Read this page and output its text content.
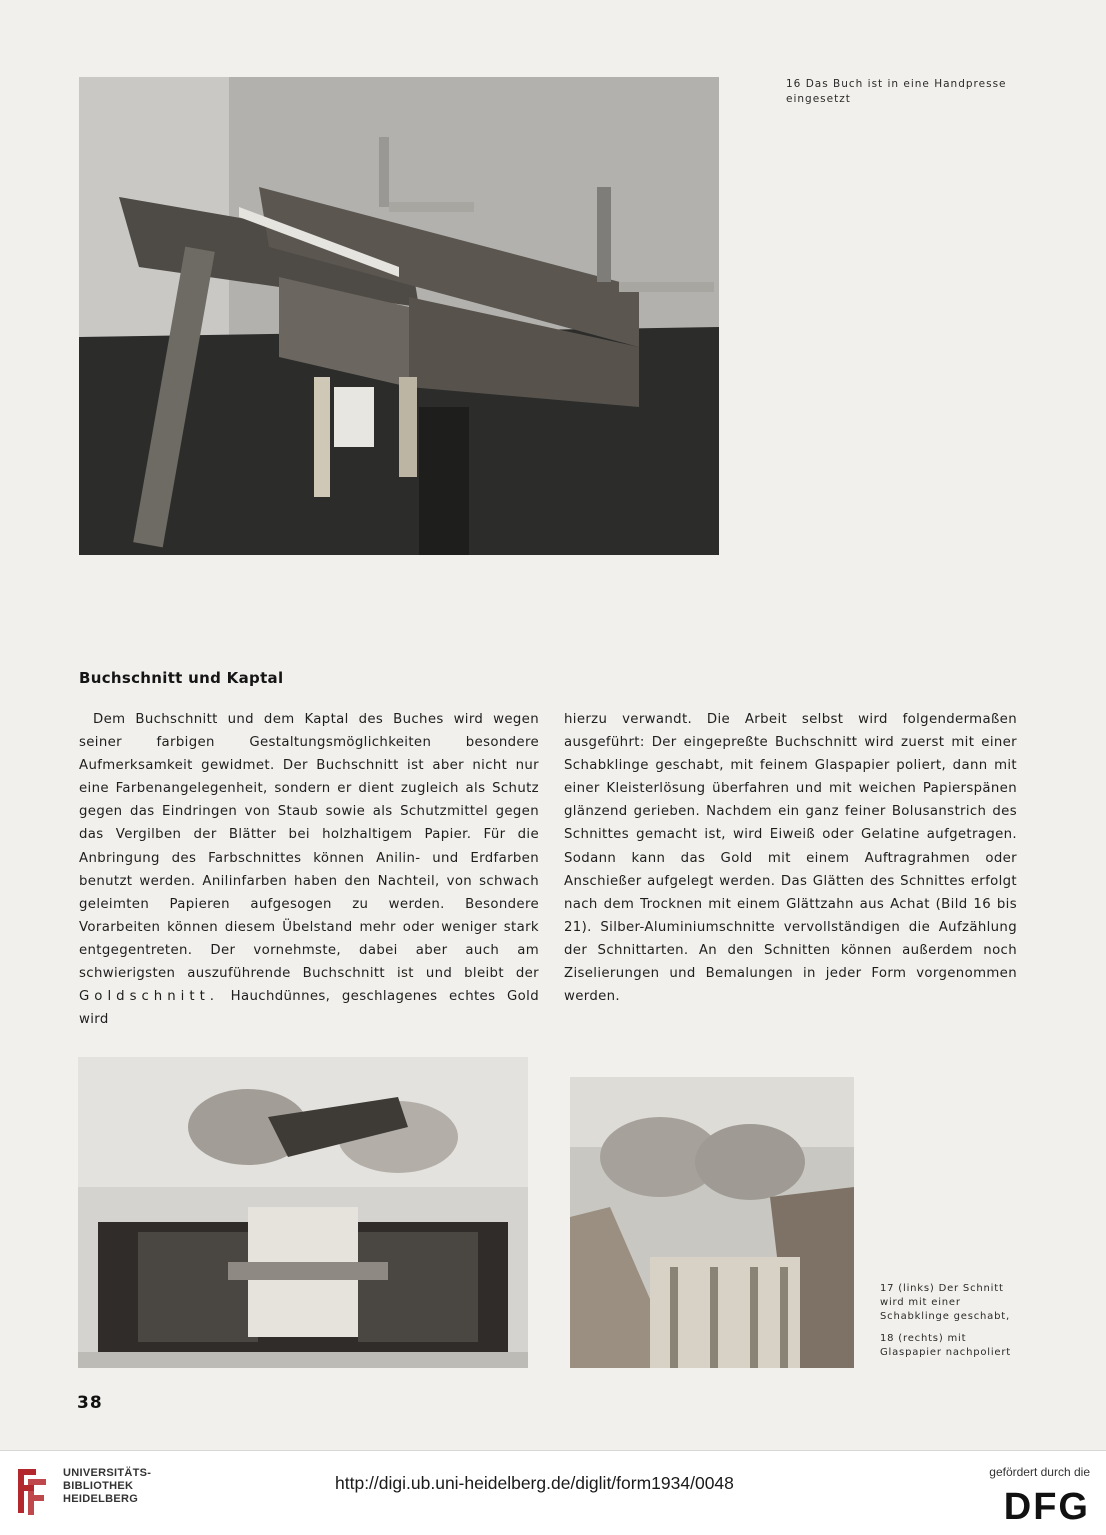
16 Das Buch ist in eine Handpresse eingesetzt

Buchschnitt und Kaptal
Dem Buchschnitt und dem Kaptal des Buches wird wegen seiner farbigen Gestaltungsmöglichkeiten besondere Aufmerksamkeit gewidmet. Der Buchschnitt ist aber nicht nur eine Farbenangelegenheit, sondern er dient zugleich als Schutz gegen das Eindringen von Staub sowie als Schutzmittel gegen das Vergilben der Blätter bei holzhaltigem Papier. Für die Anbringung des Farbschnittes können Anilin- und Erdfarben benutzt werden. Anilinfarben haben den Nachteil, von schwach geleimten Papieren aufgesogen zu werden. Besondere Vorarbeiten können diesem Übelstand mehr oder weniger stark entgegentreten. Der vornehmste, dabei aber auch am schwierigsten auszuführende Buchschnitt ist und bleibt der Goldschnitt. Hauchdünnes, geschlagenes echtes Gold wird
hierzu verwandt. Die Arbeit selbst wird folgendermaßen ausgeführt: Der eingepreßte Buchschnitt wird zuerst mit einer Schabklinge geschabt, mit feinem Glaspapier poliert, dann mit einer Kleisterlösung überfahren und mit weichen Papierspänen glänzend gerieben. Nachdem ein ganz feiner Bolusanstrich des Schnittes gemacht ist, wird Eiweiß oder Gelatine aufgetragen. Sodann kann das Gold mit einem Auftragrahmen oder Anschießer aufgelegt werden. Das Glätten des Schnittes erfolgt nach dem Trocknen mit einem Glättzahn aus Achat (Bild 16 bis 21). Silber-Aluminiumschnitte vervollständigen die Aufzählung der Schnittarten. An den Schnitten können außerdem noch Ziselierungen und Bemalungen in jeder Form vorgenommen werden.

17 (links) Der Schnitt wird mit einer Schabklinge geschabt,

18 (rechts) mit Glaspapier nachpoliert

38
UNIVERSITÄTS-
BIBLIOTHEK
HEIDELBERG
http://digi.ub.uni-heidelberg.de/diglit/form1934/0048
gefördert durch die
DFG
